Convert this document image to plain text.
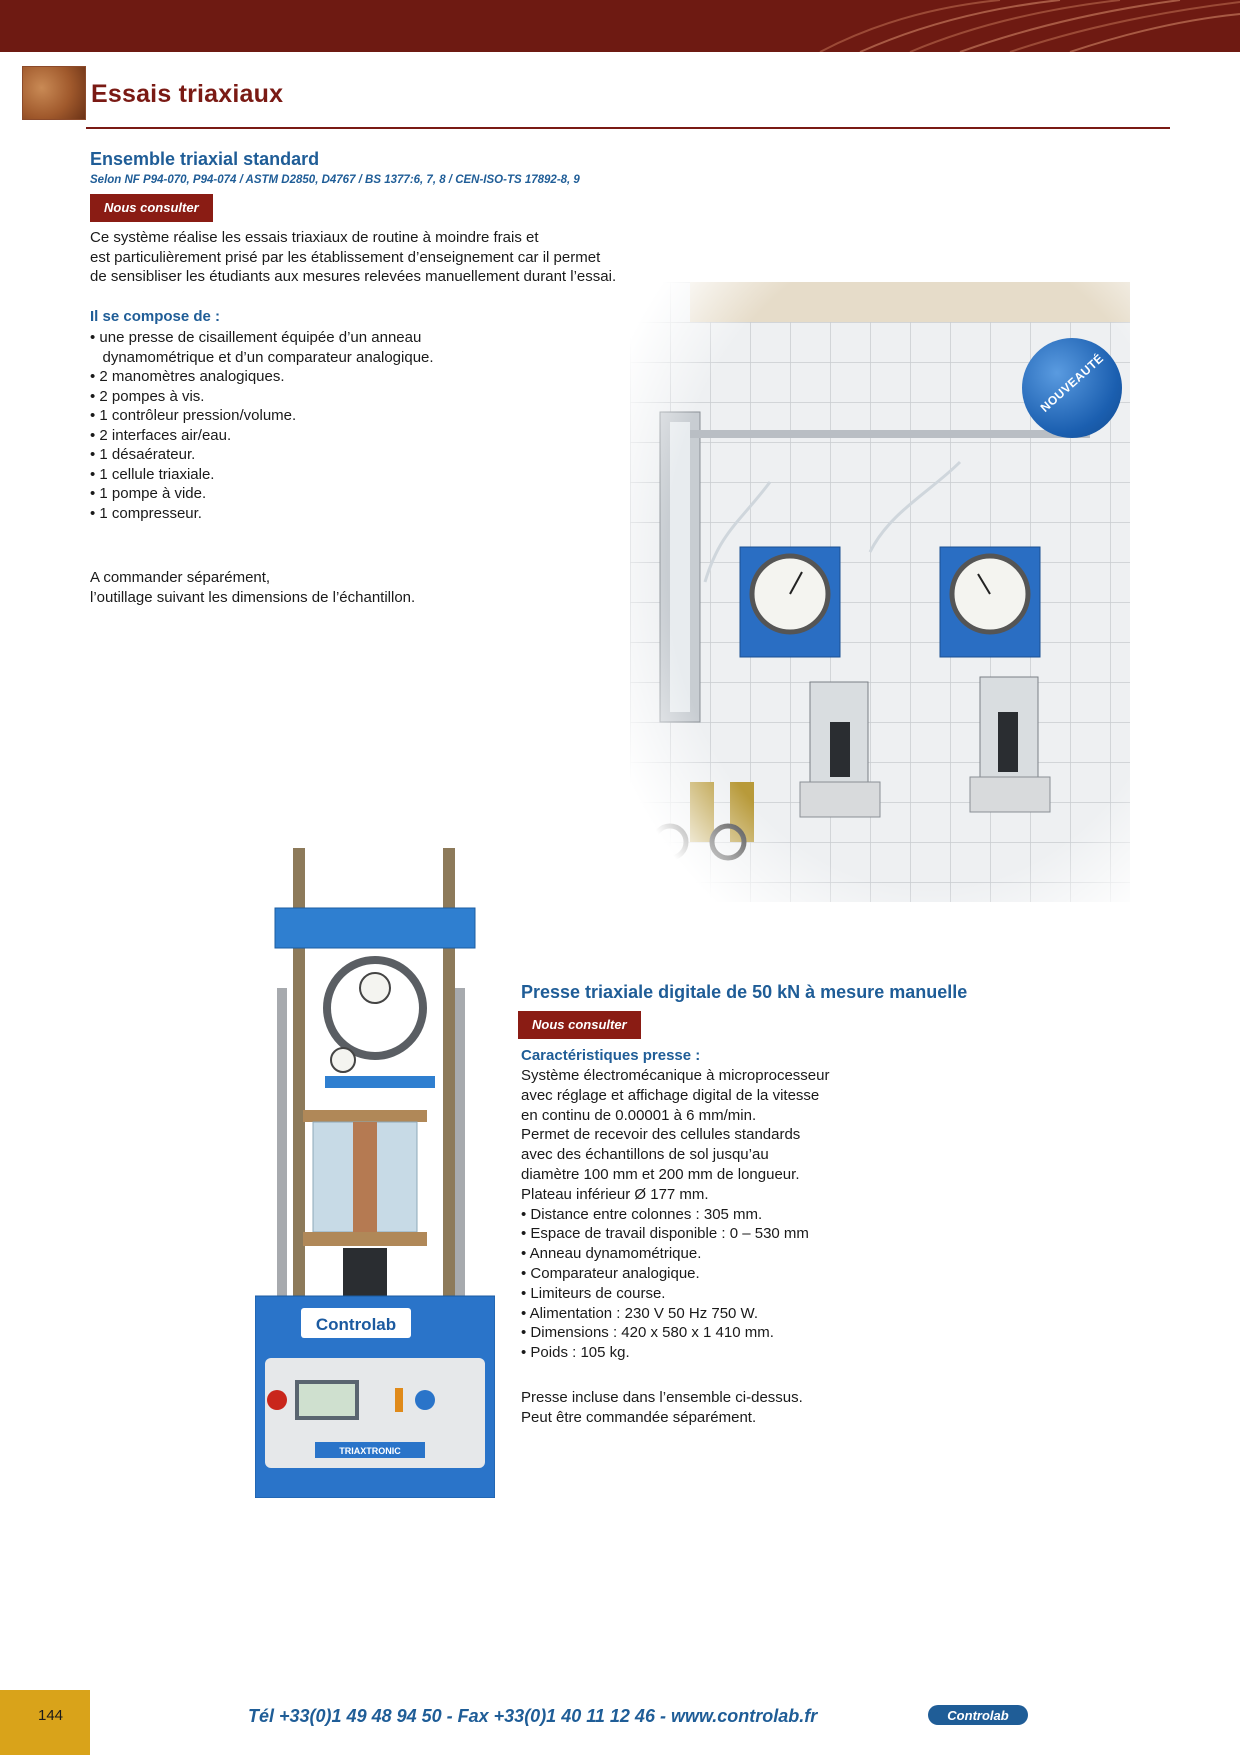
Essais triaxiaux
Ensemble triaxial standard
Selon NF P94-070, P94-074 / ASTM D2850, D4767 / BS 1377:6, 7, 8 / CEN-ISO-TS 17892-8, 9
Nous consulter
Ce système réalise les essais triaxiaux de routine à moindre frais et
est particulièrement prisé par les établissement d’enseignement car il permet
de sensibliser les étudiants aux mesures relevées manuellement durant l’essai.
Il se compose de :
• une presse de cisaillement équipée d’un anneau
dynamométrique et d’un comparateur analogique.
• 2 manomètres analogiques.
• 2 pompes à vis.
• 1 contrôleur pression/volume.
• 2 interfaces air/eau.
• 1 désaérateur.
• 1 cellule triaxiale.
• 1 pompe à vide.
• 1 compresseur.
A commander séparément,
l’outillage suivant les dimensions de l’échantillon.
NOUVEAUTÉ
Controlab
TRIAXTRONIC
Presse triaxiale digitale de 50 kN à mesure manuelle
Nous consulter
Caractéristiques presse :
Système électromécanique à microprocesseur
avec réglage et affichage digital de la vitesse
en continu de 0.00001 à 6 mm/min.
Permet de recevoir des cellules standards
avec des échantillons de sol jusqu’au
diamètre 100 mm et 200 mm de longueur.
Plateau inférieur Ø 177 mm.
• Distance entre colonnes : 305 mm.
• Espace de travail disponible : 0 – 530 mm
• Anneau dynamométrique.
• Comparateur analogique.
• Limiteurs de course.
• Alimentation : 230 V 50 Hz 750 W.
• Dimensions : 420 x 580 x 1 410 mm.
• Poids : 105 kg.
Presse incluse dans l’ensemble ci-dessus.
Peut être commandée séparément.
144	Tél +33(0)1 49 48 94 50 - Fax +33(0)1 40 11 12 46 - www.controlab.fr	Controlab
